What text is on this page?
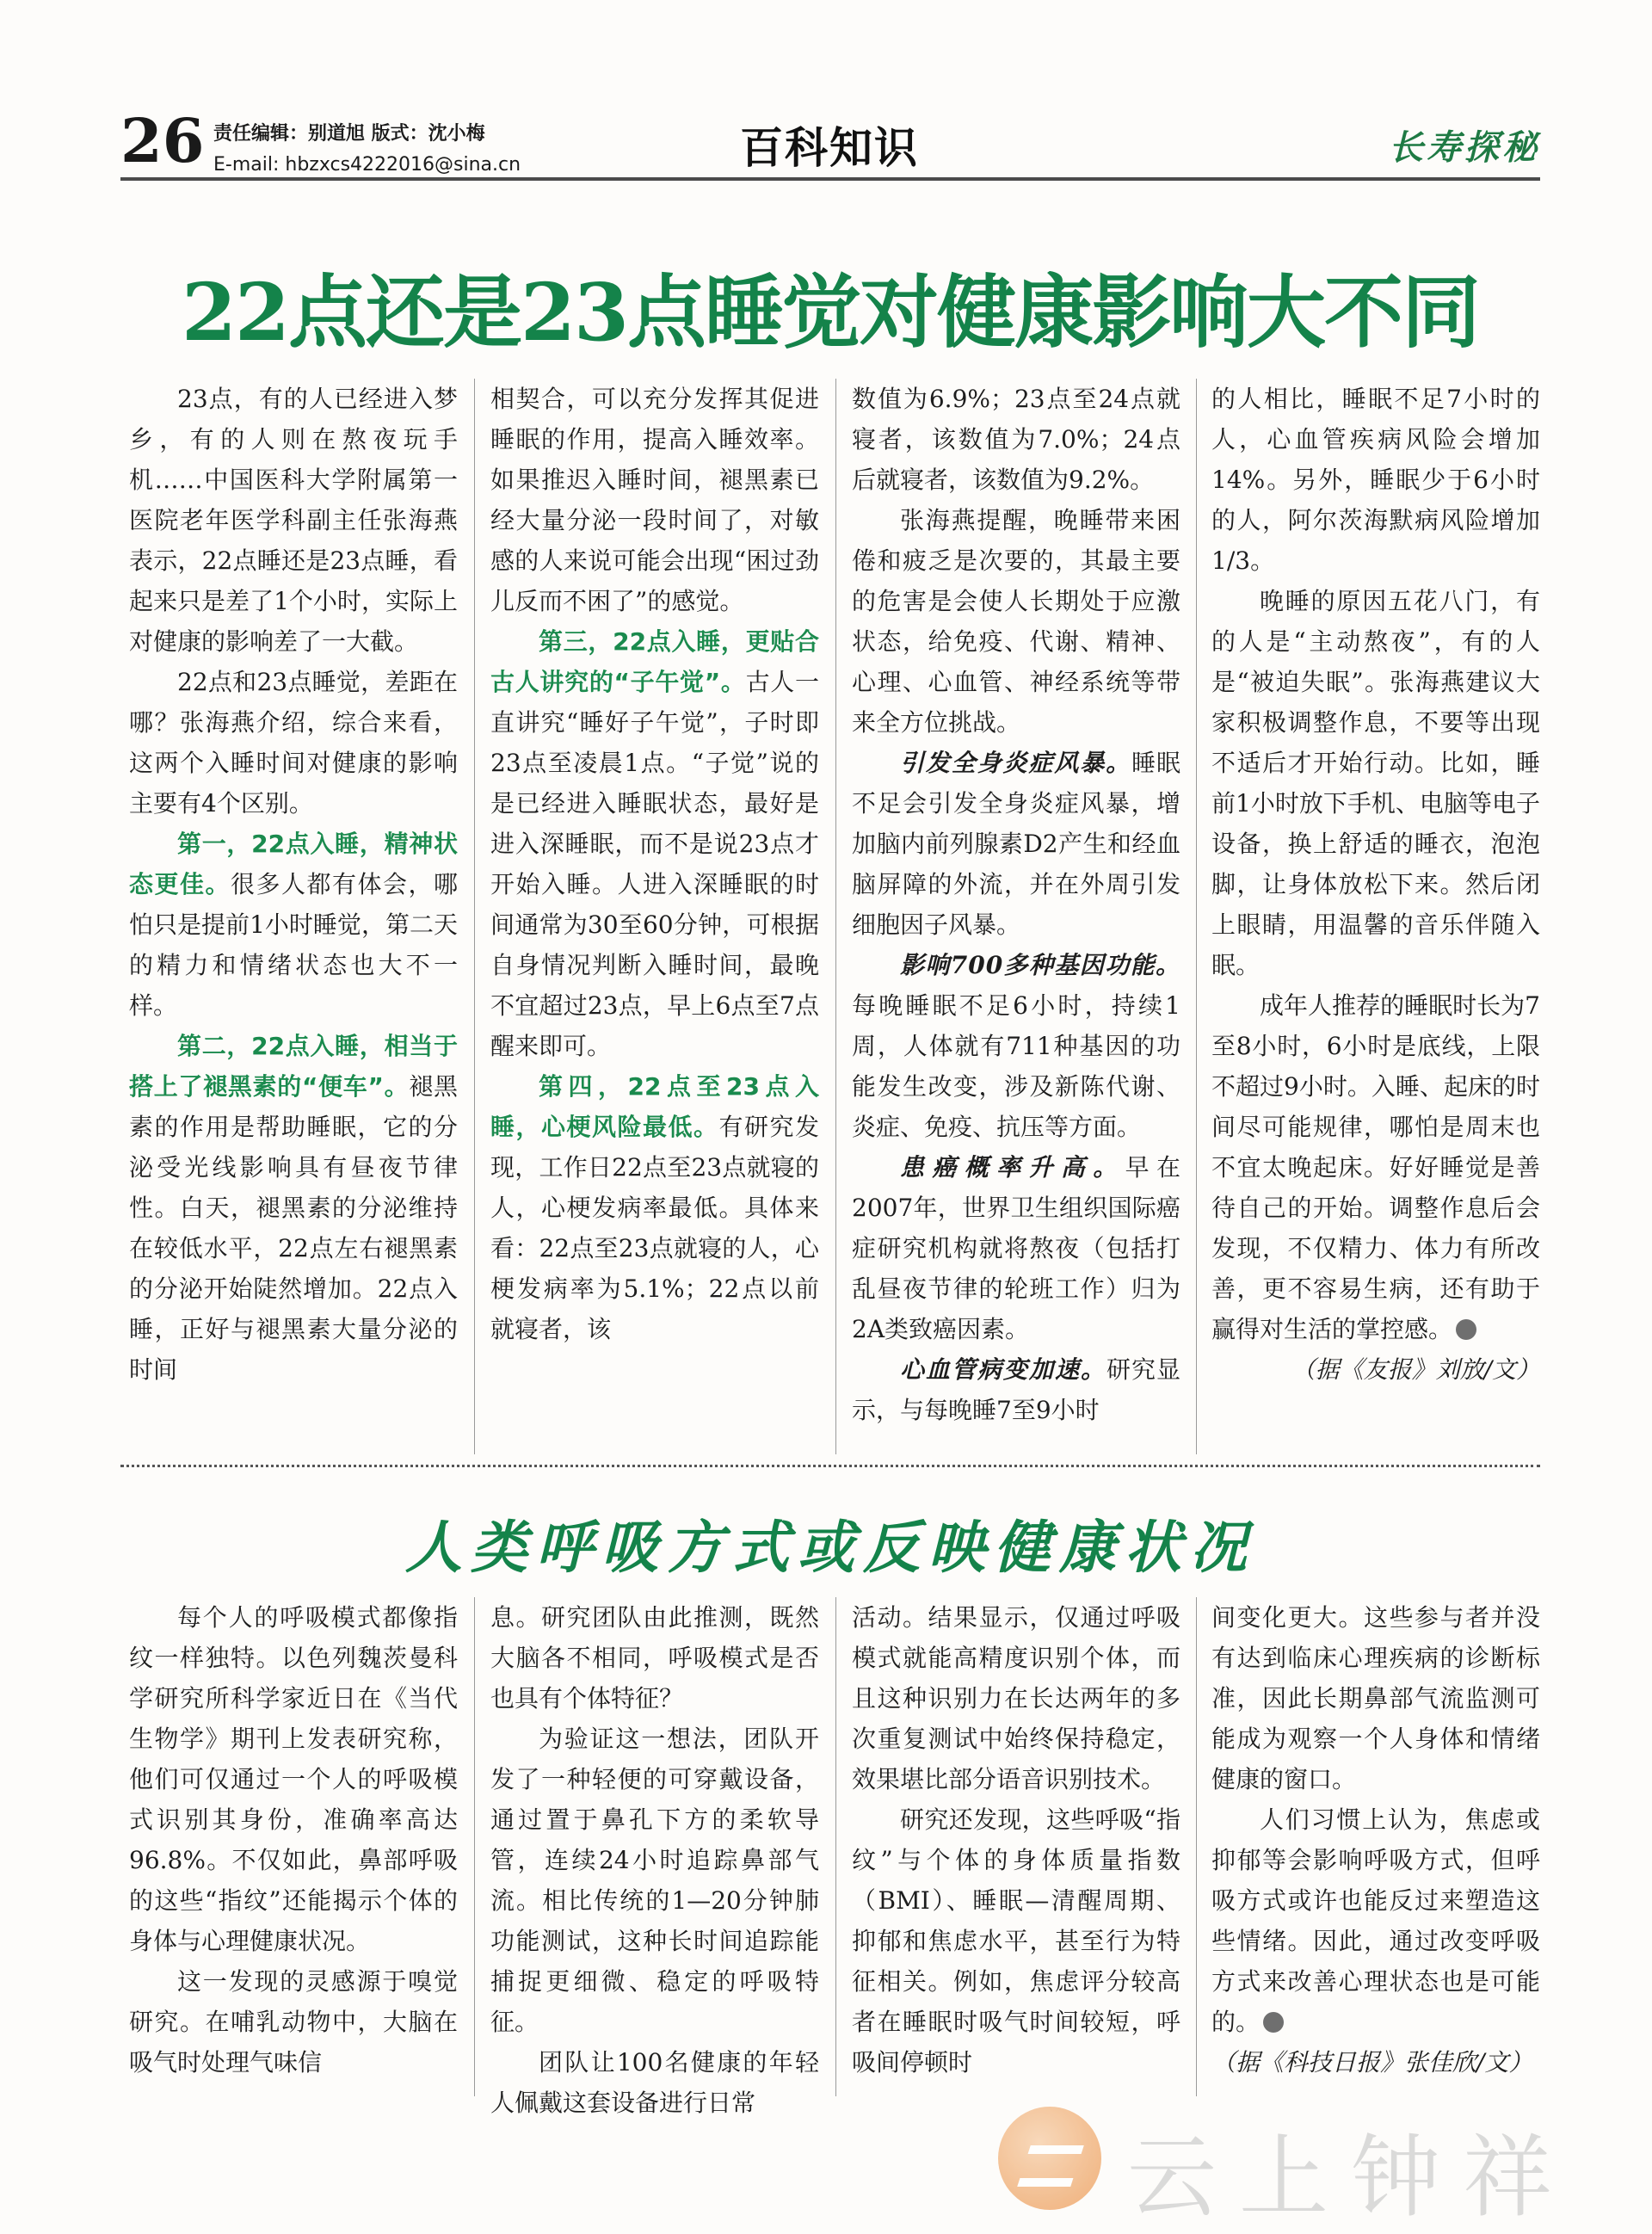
26 责任编辑：别道旭 版式：沈小梅
E-mail: hbzxcs4222016@sina.cn	百科知识	长寿探秘
22点还是23点睡觉对健康影响大不同

23点，有的人已经进入梦乡，有的人则在熬夜玩手机……中国医科大学附属第一医院老年医学科副主任张海燕表示，22点睡还是23点睡，看起来只是差了1个小时，实际上对健康的影响差了一大截。

22点和23点睡觉，差距在哪？张海燕介绍，综合来看，这两个入睡时间对健康的影响主要有4个区别。

第一，22点入睡，精神状态更佳。很多人都有体会，哪怕只是提前1小时睡觉，第二天的精力和情绪状态也大不一样。

第二，22点入睡，相当于搭上了褪黑素的“便车”。褪黑素的作用是帮助睡眠，它的分泌受光线影响具有昼夜节律性。白天，褪黑素的分泌维持在较低水平，22点左右褪黑素的分泌开始陡然增加。22点入睡，正好与褪黑素大量分泌的时间

相契合，可以充分发挥其促进睡眠的作用，提高入睡效率。如果推迟入睡时间，褪黑素已经大量分泌一段时间了，对敏感的人来说可能会出现“困过劲儿反而不困了”的感觉。

第三，22点入睡，更贴合古人讲究的“子午觉”。古人一直讲究“睡好子午觉”，子时即23点至凌晨1点。“子觉”说的是已经进入睡眠状态，最好是进入深睡眠，而不是说23点才开始入睡。人进入深睡眠的时间通常为30至60分钟，可根据自身情况判断入睡时间，最晚不宜超过23点，早上6点至7点醒来即可。

第四，22点至23点入睡，心梗风险最低。有研究发现，工作日22点至23点就寝的人，心梗发病率最低。具体来看：22点至23点就寝的人，心梗发病率为5.1%；22点以前就寝者，该

数值为6.9%；23点至24点就寝者，该数值为7.0%；24点后就寝者，该数值为9.2%。

张海燕提醒，晚睡带来困倦和疲乏是次要的，其最主要的危害是会使人长期处于应激状态，给免疫、代谢、精神、心理、心血管、神经系统等带来全方位挑战。

引发全身炎症风暴。睡眠不足会引发全身炎症风暴，增加脑内前列腺素D2产生和经血脑屏障的外流，并在外周引发细胞因子风暴。

影响700多种基因功能。每晚睡眠不足6小时，持续1周，人体就有711种基因的功能发生改变，涉及新陈代谢、炎症、免疫、抗压等方面。

患癌概率升高。早在2007年，世界卫生组织国际癌症研究机构就将熬夜（包括打乱昼夜节律的轮班工作）归为2A类致癌因素。

心血管病变加速。研究显示，与每晚睡7至9小时

的人相比，睡眠不足7小时的人，心血管疾病风险会增加14%。另外，睡眠少于6小时的人，阿尔茨海默病风险增加1/3。

晚睡的原因五花八门，有的人是“主动熬夜”，有的人是“被迫失眠”。张海燕建议大家积极调整作息，不要等出现不适后才开始行动。比如，睡前1小时放下手机、电脑等电子设备，换上舒适的睡衣，泡泡脚，让身体放松下来。然后闭上眼睛，用温馨的音乐伴随入眠。

成年人推荐的睡眠时长为7至8小时，6小时是底线，上限不超过9小时。入睡、起床的时间尽可能规律，哪怕是周末也不宜太晚起床。好好睡觉是善待自己的开始。调整作息后会发现，不仅精力、体力有所改善，更不容易生病，还有助于赢得对生活的掌控感。

（据《友报》刘放/文）

人类呼吸方式或反映健康状况

每个人的呼吸模式都像指纹一样独特。以色列魏茨曼科学研究所科学家近日在《当代生物学》期刊上发表研究称，他们可仅通过一个人的呼吸模式识别其身份，准确率高达96.8%。不仅如此，鼻部呼吸的这些“指纹”还能揭示个体的身体与心理健康状况。

这一发现的灵感源于嗅觉研究。在哺乳动物中，大脑在吸气时处理气味信

息。研究团队由此推测，既然大脑各不相同，呼吸模式是否也具有个体特征？

为验证这一想法，团队开发了一种轻便的可穿戴设备，通过置于鼻孔下方的柔软导管，连续24小时追踪鼻部气流。相比传统的1—20分钟肺功能测试，这种长时间追踪能捕捉更细微、稳定的呼吸特征。

团队让100名健康的年轻人佩戴这套设备进行日常

活动。结果显示，仅通过呼吸模式就能高精度识别个体，而且这种识别力在长达两年的多次重复测试中始终保持稳定，效果堪比部分语音识别技术。

研究还发现，这些呼吸“指纹”与个体的身体质量指数（BMI）、睡眠—清醒周期、抑郁和焦虑水平，甚至行为特征相关。例如，焦虑评分较高者在睡眠时吸气时间较短，呼吸间停顿时

间变化更大。这些参与者并没有达到临床心理疾病的诊断标准，因此长期鼻部气流监测可能成为观察一个人身体和情绪健康的窗口。

人们习惯上认为，焦虑或抑郁等会影响呼吸方式，但呼吸方式或许也能反过来塑造这些情绪。因此，通过改变呼吸方式来改善心理状态也是可能的。

（据《科技日报》张佳欣/文）

云上钟祥
